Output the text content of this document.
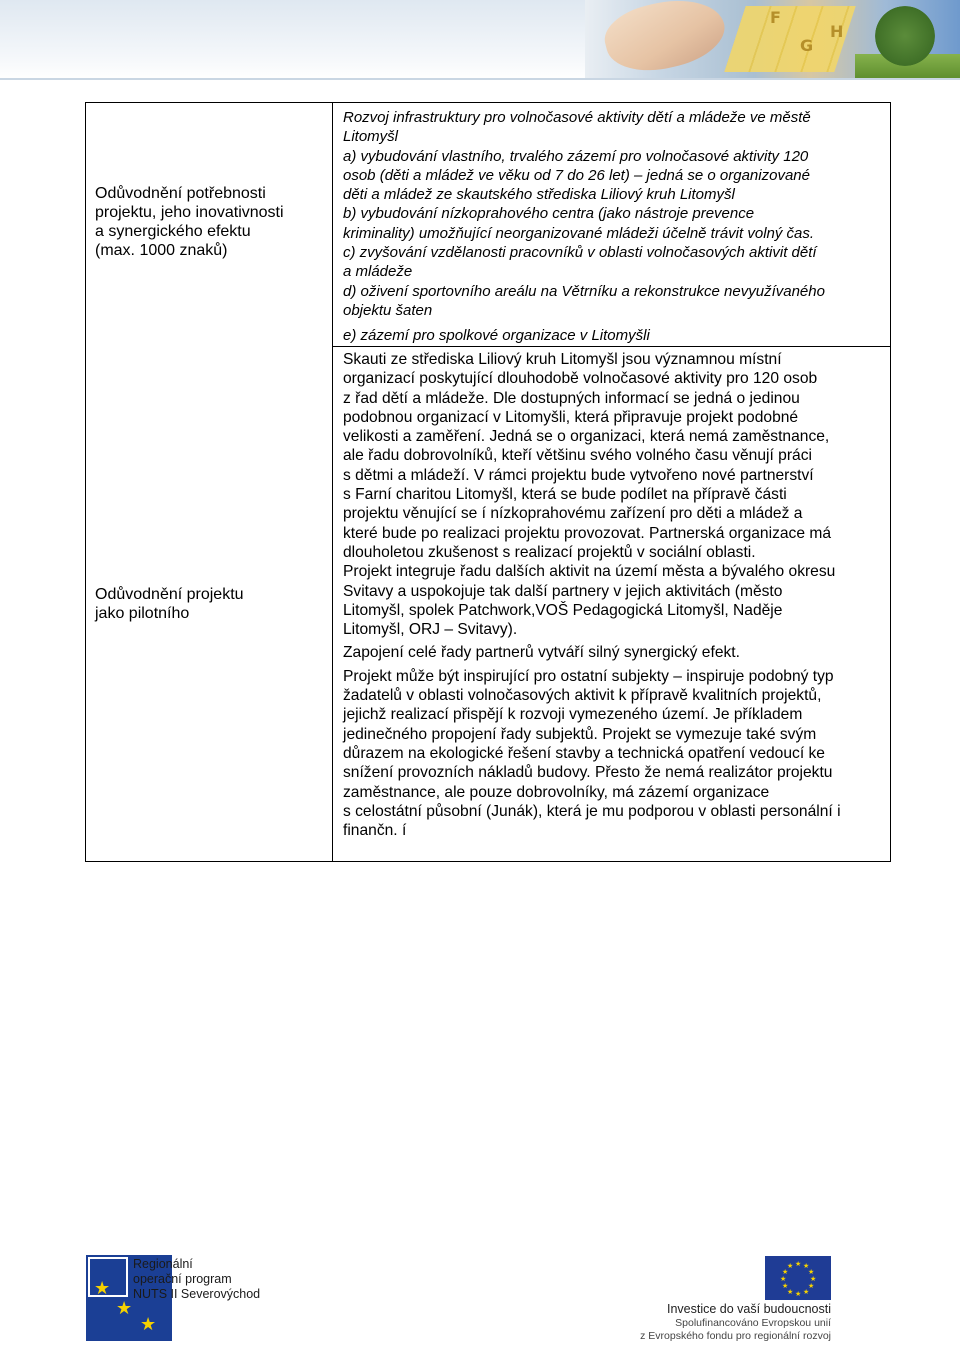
F
G
H
Odůvodnění potřebnosti
projektu, jeho inovativnosti
a synergického efektu
(max. 1000 znaků)
Odůvodnění projektu
jako pilotního
Rozvoj infrastruktury pro volnočasové aktivity dětí a mládeže ve městě
Litomyšl
a) vybudování vlastního, trvalého zázemí pro volnočasové aktivity 120
osob (děti a mládež ve věku od 7 do 26 let) – jedná se o organizované
děti a mládež ze skautského střediska Liliový kruh Litomyšl
b) vybudování nízkoprahového centra (jako nástroje prevence
kriminality) umožňující neorganizované mládeži účelně trávit volný čas.
c) zvyšování vzdělanosti pracovníků v oblasti volnočasových aktivit dětí
a mládeže
d) oživení sportovního areálu na Větrníku a rekonstrukce nevyužívaného
objektu šaten
e) zázemí pro spolkové organizace v Litomyšli
Skauti ze střediska Liliový kruh Litomyšl jsou významnou místní
organizací poskytující dlouhodobě volnočasové aktivity pro 120 osob
z řad dětí a mládeže. Dle dostupných informací se jedná o jedinou
podobnou organizací v Litomyšli, která připravuje projekt podobné
velikosti a zaměření. Jedná se o organizaci, která nemá zaměstnance,
ale řadu dobrovolníků, kteří většinu svého volného času věnují práci
s dětmi a mládeží. V rámci projektu bude vytvořeno nové partnerství
s Farní charitou Litomyšl, která se bude podílet na přípravě části
projektu věnující se í nízkoprahovému zařízení pro děti a mládež a
které bude po realizaci projektu provozovat. Partnerská organizace má
dlouholetou zkušenost s realizací projektů v sociální oblasti.
Projekt integruje řadu dalších aktivit na území města a bývalého okresu
Svitavy a uspokojuje tak další partnery v jejich aktivitách (město
Litomyšl, spolek Patchwork,VOŠ Pedagogická Litomyšl, Naděje
Litomyšl, ORJ – Svitavy).
Zapojení celé řady partnerů vytváří silný synergický efekt.
Projekt může být inspirující pro ostatní subjekty – inspiruje podobný typ
žadatelů v oblasti volnočasových aktivit k přípravě kvalitních projektů,
jejichž realizací přispějí k rozvoji vymezeného území. Je příkladem
jedinečného propojení řady subjektů. Projekt se vymezuje také svým
důrazem na ekologické řešení stavby a technická opatření vedoucí ke
snížení provozních nákladů budovy. Přesto že nemá realizátor projektu
zaměstnance, ale pouze dobrovolníky, má zázemí organizace
s celostátní působní (Junák), která je mu podporou v oblasti personální i
finančn. í
★
★
★
Regionální
operační program
NUTS II Severovýchod
★ ★
★
★
★
★
★
★
★
★
★
★
Investice do vaší budoucnosti
Spolufinancováno Evropskou unií
z Evropského fondu pro regionální rozvoj
